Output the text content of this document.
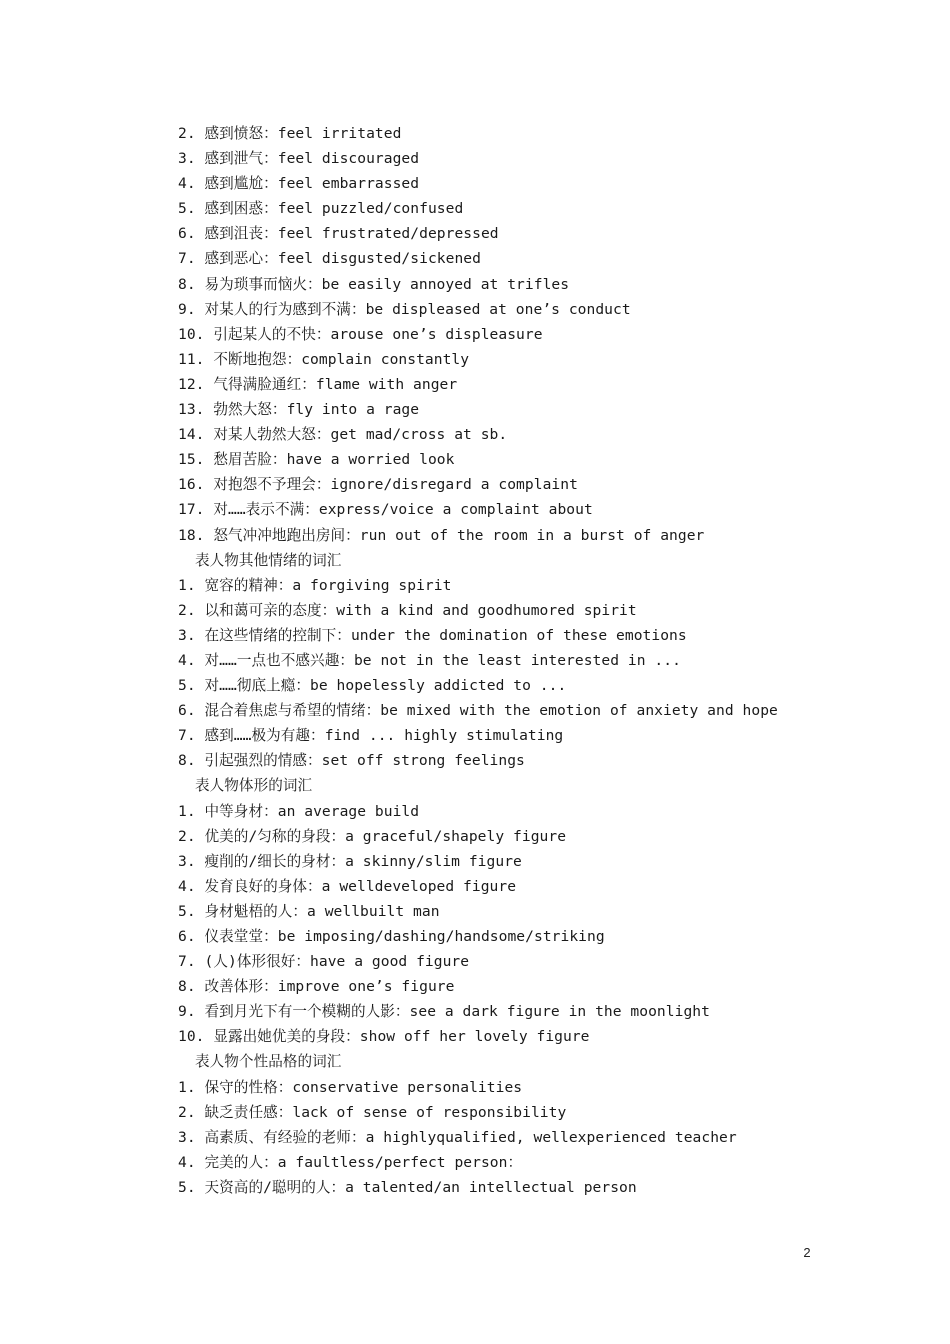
2. 感到愤怒：feel irritated
3. 感到泄气：feel discouraged
4. 感到尴尬：feel embarrassed
5. 感到困惑：feel puzzled/confused
6. 感到沮丧：feel frustrated/depressed
7. 感到恶心：feel disgusted/sickened
8. 易为琐事而恼火：be easily annoyed at trifles
9. 对某人的行为感到不满：be displeased at one’s conduct
10. 引起某人的不快：arouse one’s displeasure
11. 不断地抱怨：complain constantly
12. 气得满脸通红：flame with anger
13. 勃然大怒：fly into a rage
14. 对某人勃然大怒：get mad/cross at sb.
15. 愁眉苦脸：have a worried look
16. 对抱怨不予理会：ignore/disregard a complaint
17. 对……表示不满：express/voice a complaint about
18. 怒气冲冲地跑出房间：run out of the room in a burst of anger
表人物其他情绪的词汇
1. 宽容的精神：a forgiving spirit
2. 以和蔼可亲的态度：with a kind and goodhumored spirit
3. 在这些情绪的控制下：under the domination of these emotions
4. 对……一点也不感兴趣：be not in the least interested in ...
5. 对……彻底上瘾：be hopelessly addicted to ...
6. 混合着焦虑与希望的情绪：be mixed with the emotion of anxiety and hope
7. 感到……极为有趣：find ... highly stimulating
8. 引起强烈的情感：set off strong feelings
表人物体形的词汇
1. 中等身材：an average build
2. 优美的/匀称的身段：a graceful/shapely figure
3. 瘦削的/细长的身材：a skinny/slim figure
4. 发育良好的身体：a welldeveloped figure
5. 身材魁梧的人：a wellbuilt man
6. 仪表堂堂：be imposing/dashing/handsome/striking
7. (人)体形很好：have a good figure
8. 改善体形：improve one’s figure
9. 看到月光下有一个模糊的人影：see a dark figure in the moonlight
10. 显露出她优美的身段：show off her lovely figure
表人物个性品格的词汇
1. 保守的性格：conservative personalities
2. 缺乏责任感：lack of sense of responsibility
3. 高素质、有经验的老师：a highlyqualified, wellexperienced teacher
4. 完美的人：a faultless/perfect person：
5. 天资高的/聪明的人：a talented/an intellectual person
2
